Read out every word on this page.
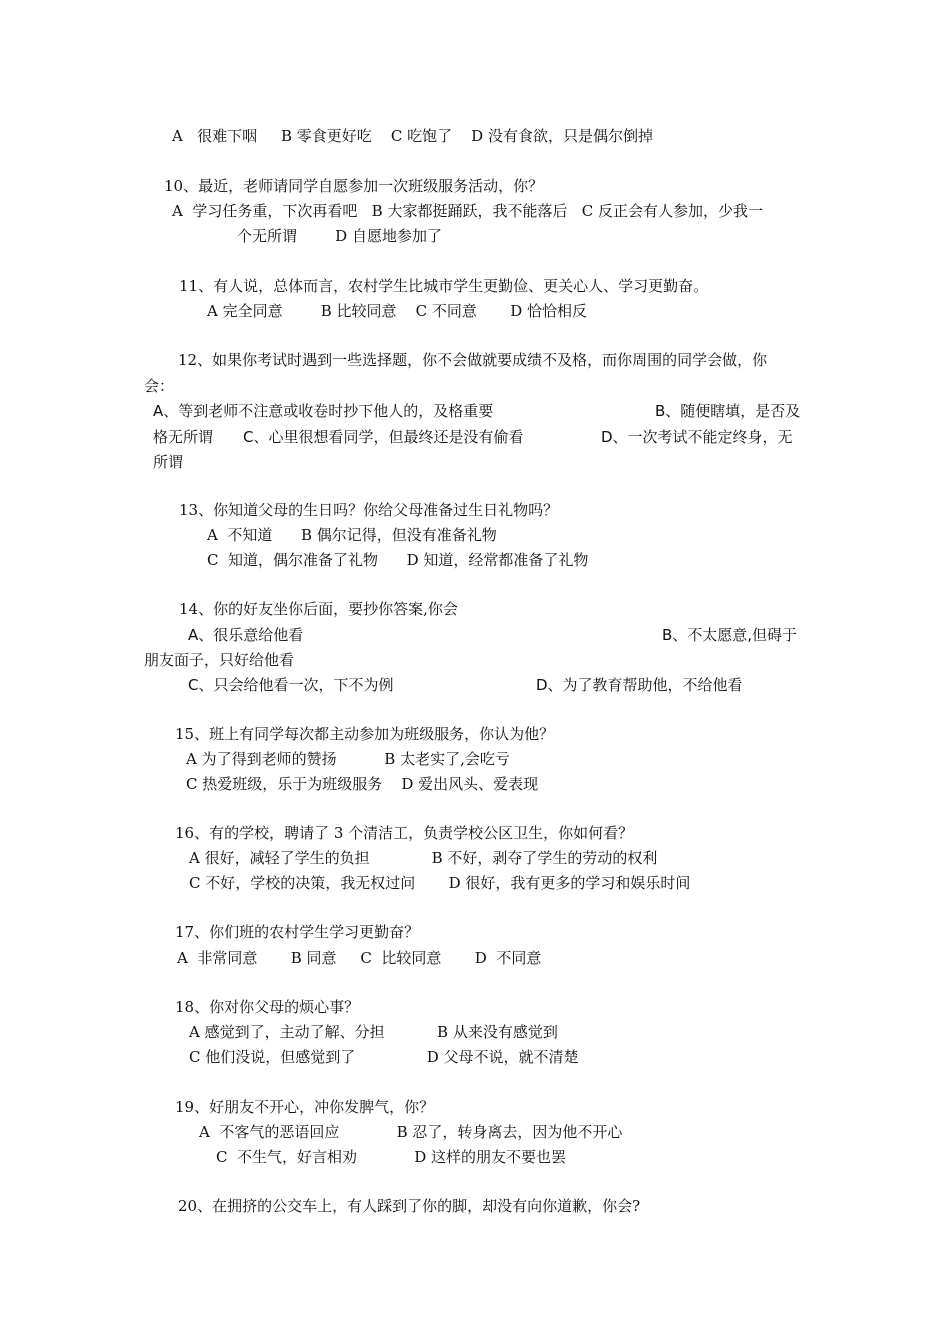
A   很难下咽     B 零食更好吃    C 吃饱了    D 没有食欲，只是偶尔倒掉
10、最近，老师请同学自愿参加一次班级服务活动，你？
A  学习任务重，下次再看吧   B 大家都挺踊跃，我不能落后   C 反正会有人参加，少我一
个无所谓        D 自愿地参加了
11、有人说，总体而言，农村学生比城市学生更勤俭、更关心人、学习更勤奋。
A 完全同意        B 比较同意    C 不同意       D 恰恰相反
12、如果你考试时遇到一些选择题，你不会做就要成绩不及格，而你周围的同学会做，你
会：
A、等到老师不注意或收卷时抄下他人的，及格重要	B、随便瞎填，是否及
格无所谓 C、心里很想看同学，但最终还是没有偷看	D、一次考试不能定终身，无
所谓
13、你知道父母的生日吗？你给父母准备过生日礼物吗？
A  不知道      B 偶尔记得，但没有准备礼物
C  知道，偶尔准备了礼物      D 知道，经常都准备了礼物
14、你的好友坐你后面，要抄你答案,你会
A、很乐意给他看	B、不太愿意,但碍于
朋友面子，只好给他看
C、只会给他看一次，下不为例	D、为了教育帮助他，不给他看
15、班上有同学每次都主动参加为班级服务，你认为他？
A 为了得到老师的赞扬          B 太老实了,会吃亏
C 热爱班级，乐于为班级服务    D 爱出风头、爱表现
16、有的学校，聘请了 3 个清洁工，负责学校公区卫生，你如何看？
A 很好，减轻了学生的负担             B 不好，剥夺了学生的劳动的权利
C 不好，学校的决策，我无权过问       D 很好，我有更多的学习和娱乐时间
17、你们班的农村学生学习更勤奋？
A  非常同意       B 同意     C  比较同意       D  不同意
18、你对你父母的烦心事？
A 感觉到了，主动了解、分担           B 从来没有感觉到
C 他们没说，但感觉到了               D 父母不说，就不清楚
19、好朋友不开心，冲你发脾气，你？
A  不客气的恶语回应            B 忍了，转身离去，因为他不开心
C  不生气，好言相劝            D 这样的朋友不要也罢
20、在拥挤的公交车上，有人踩到了你的脚，却没有向你道歉，你会?
